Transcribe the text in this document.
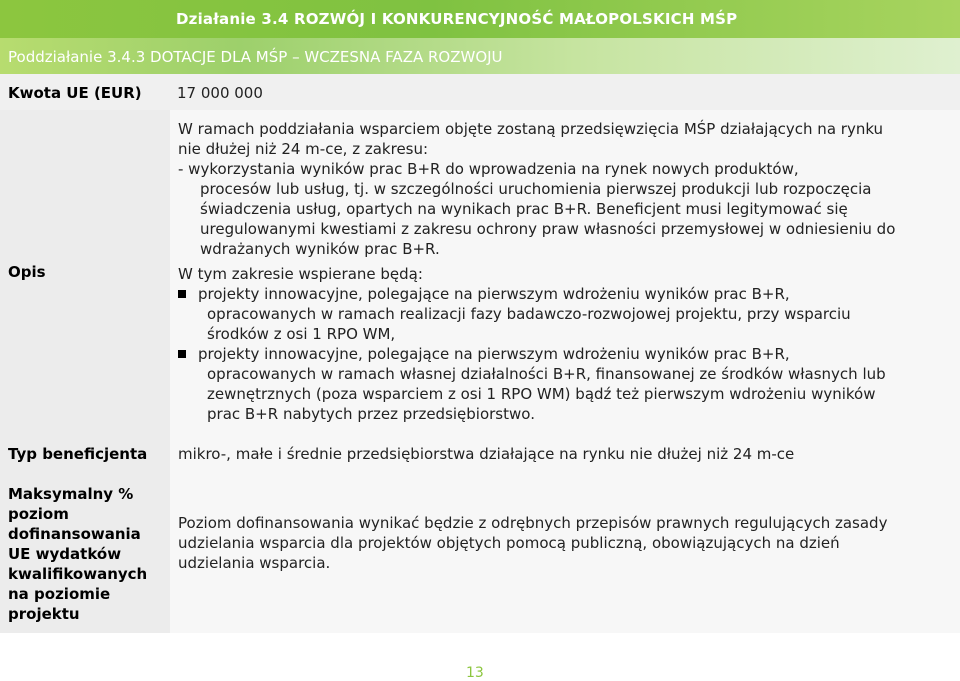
Działanie 3.4 ROZWÓJ I KONKURENCYJNOŚĆ MAŁOPOLSKICH MŚP
Poddziałanie 3.4.3 DOTACJE DLA MŚP – WCZESNA FAZA ROZWOJU
Kwota UE (EUR) 17 000 000
Opis

W ramach poddziałania wsparciem objęte zostaną przedsięwzięcia MŚP działających na rynku

nie dłużej niż 24 m-ce, z zakresu:

- wykorzystania wyników prac B+R do wprowadzenia na rynek nowych produktów,

procesów lub usług, tj. w szczególności uruchomienia pierwszej produkcji lub rozpoczęcia

świadczenia usług, opartych na wynikach prac B+R. Beneficjent musi legitymować się

uregulowanymi kwestiami z zakresu ochrony praw własności przemysłowej w odniesieniu do

wdrażanych wyników prac B+R.

W tym zakresie wspierane będą:

projekty innowacyjne, polegające na pierwszym wdrożeniu wyników prac B+R,

opracowanych w ramach realizacji fazy badawczo-rozwojowej projektu, przy wsparciu

środków z osi 1 RPO WM,

projekty innowacyjne, polegające na pierwszym wdrożeniu wyników prac B+R,

opracowanych w ramach własnej działalności B+R, finansowanej ze środków własnych lub

zewnętrznych (poza wsparciem z osi 1 RPO WM) bądź też pierwszym wdrożeniu wyników

prac B+R nabytych przez przedsiębiorstwo.

Typ beneficjenta mikro-, małe i średnie przedsiębiorstwa działające na rynku nie dłużej niż 24 m-ce

Maksymalny %

poziom

dofinansowania

UE wydatków

kwalifikowanych

na poziomie

projektu

Poziom dofinansowania wynikać będzie z odrębnych przepisów prawnych regulujących zasady

udzielania wsparcia dla projektów objętych pomocą publiczną, obowiązujących na dzień

udzielania wsparcia.

13
